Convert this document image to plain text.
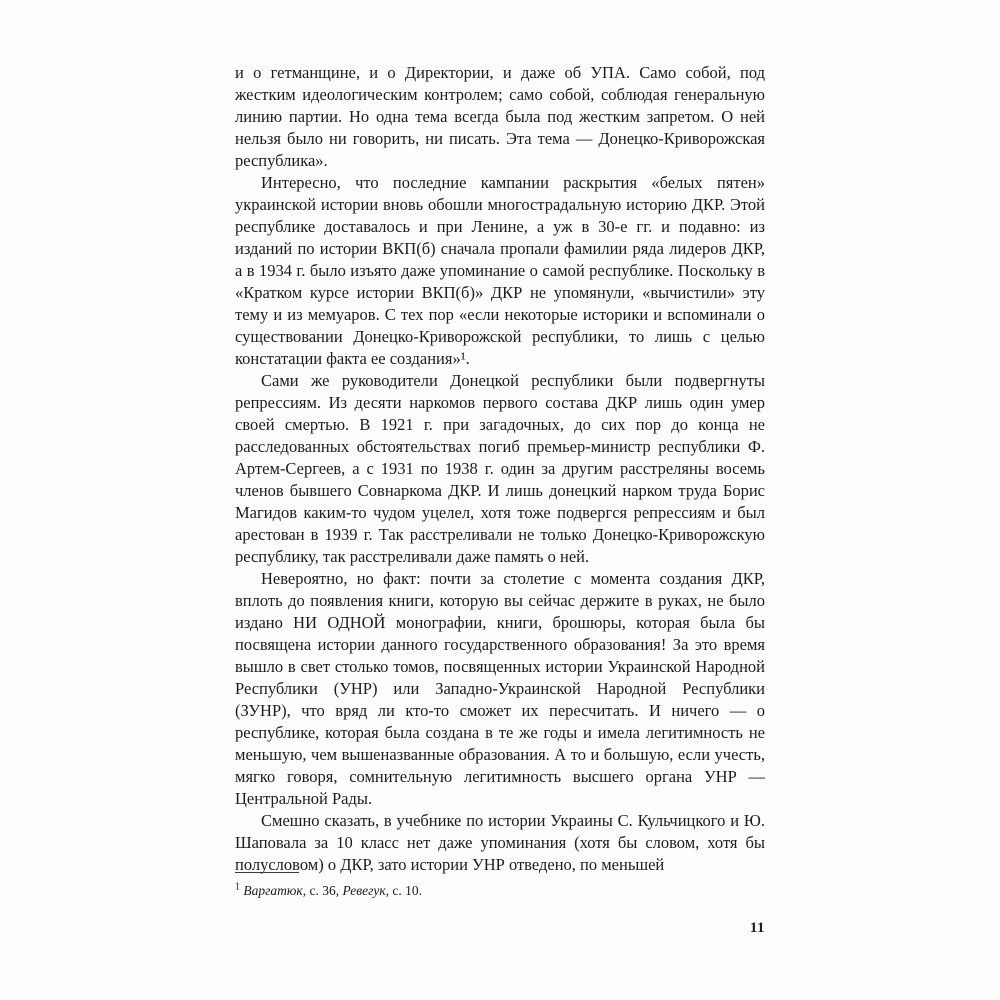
и о гетманщине, и о Директории, и даже об УПА. Само собой, под жестким идеологическим контролем; само собой, соблюдая генеральную линию партии. Но одна тема всегда была под жестким запретом. О ней нельзя было ни говорить, ни писать. Эта тема — Донецко-Криворожская республика».

Интересно, что последние кампании раскрытия «белых пятен» украинской истории вновь обошли многострадальную историю ДКР. Этой республике доставалось и при Ленине, а уж в 30-е гг. и подавно: из изданий по истории ВКП(б) сначала пропали фамилии ряда лидеров ДКР, а в 1934 г. было изъято даже упоминание о самой республике. Поскольку в «Кратком курсе истории ВКП(б)» ДКР не упомянули, «вычистили» эту тему и из мемуаров. С тех пор «если некоторые историки и вспоминали о существовании Донецко-Криворожской республики, то лишь с целью констатации факта ее создания»¹.

Сами же руководители Донецкой республики были подвергнуты репрессиям. Из десяти наркомов первого состава ДКР лишь один умер своей смертью. В 1921 г. при загадочных, до сих пор до конца не расследованных обстоятельствах погиб премьер-министр республики Ф. Артем-Сергеев, а с 1931 по 1938 г. один за другим расстреляны восемь членов бывшего Совнаркома ДКР. И лишь донецкий нарком труда Борис Магидов каким-то чудом уцелел, хотя тоже подвергся репрессиям и был арестован в 1939 г. Так расстреливали не только Донецко-Криворожскую республику, так расстреливали даже память о ней.

Невероятно, но факт: почти за столетие с момента создания ДКР, вплоть до появления книги, которую вы сейчас держите в руках, не было издано НИ ОДНОЙ монографии, книги, брошюры, которая была бы посвящена истории данного государственного образования! За это время вышло в свет столько томов, посвященных истории Украинской Народной Республики (УНР) или Западно-Украинской Народной Республики (ЗУНР), что вряд ли кто-то сможет их пересчитать. И ничего — о республике, которая была создана в те же годы и имела легитимность не меньшую, чем вышеназванные образования. А то и большую, если учесть, мягко говоря, сомнительную легитимность высшего органа УНР — Центральной Рады.

Смешно сказать, в учебнике по истории Украины С. Кульчицкого и Ю. Шаповала за 10 класс нет даже упоминания (хотя бы словом, хотя бы полусловом) о ДКР, зато истории УНР отведено, по меньшей

$^1$ Варгатюк, с. 36, Ревегук, с. 10.
11
